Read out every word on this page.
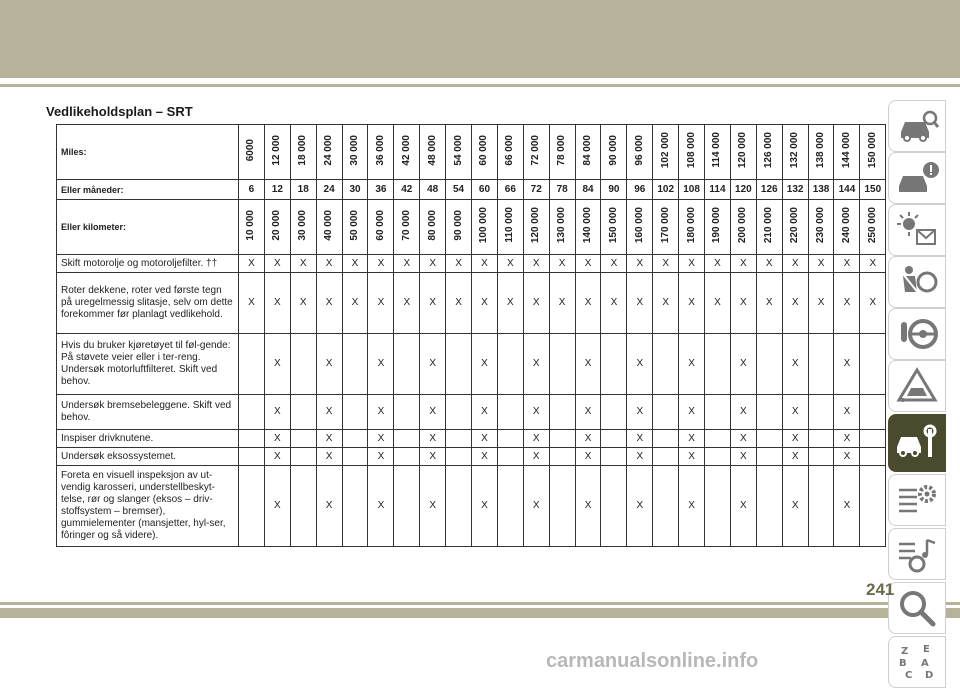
Vedlikeholdsplan – SRT
Miles:	6000	12 000	18 000	24 000	30 000	36 000	42 000	48 000	54 000	60 000	66 000	72 000	78 000	84 000	90 000	96 000	102 000	108 000	114 000	120 000	126 000	132 000	138 000	144 000	150 000
Eller måneder:	6	12	18	24	30	36	42	48	54	60	66	72	78	84	90	96	102	108	114	120	126	132	138	144	150
Eller kilometer:	10 000	20 000	30 000	40 000	50 000	60 000	70 000	80 000	90 000	100 000	110 000	120 000	130 000	140 000	150 000	160 000	170 000	180 000	190 000	200 000	210 000	220 000	230 000	240 000	250 000
Skift motorolje og motoroljefilter. ††	X	X	X	X	X	X	X	X	X	X	X	X	X	X	X	X	X	X	X	X	X	X	X	X	X
Roter dekkene, roter ved første tegn på uregelmessig slitasje, selv om dette forekommer før planlagt vedlikehold.	X	X	X	X	X	X	X	X	X	X	X	X	X	X	X	X	X	X	X	X	X	X	X	X	X
Hvis du bruker kjøretøyet til føl-gende: På støvete veier eller i ter-reng. Undersøk motorluftfilteret. Skift ved behov.		X		X		X		X		X		X		X		X		X		X		X		X	
Undersøk bremsebeleggene. Skift ved behov.		X		X		X		X		X		X		X		X		X		X		X		X	
Inspiser drivknutene.		X		X		X		X		X		X		X		X		X		X		X		X	
Undersøk eksossystemet.		X		X		X		X		X		X		X		X		X		X		X		X	
Foreta en visuell inspeksjon av ut-vendig karosseri, understellbeskyt-telse, rør og slanger (eksos – driv-stoffsystem – bremser), gummielementer (mansjetter, hyl-ser, fôringer og så videre).		X		X		X		X		X		X		X		X		X		X		X		X	
Z E
B A
C D
241
carmanualsonline.info
